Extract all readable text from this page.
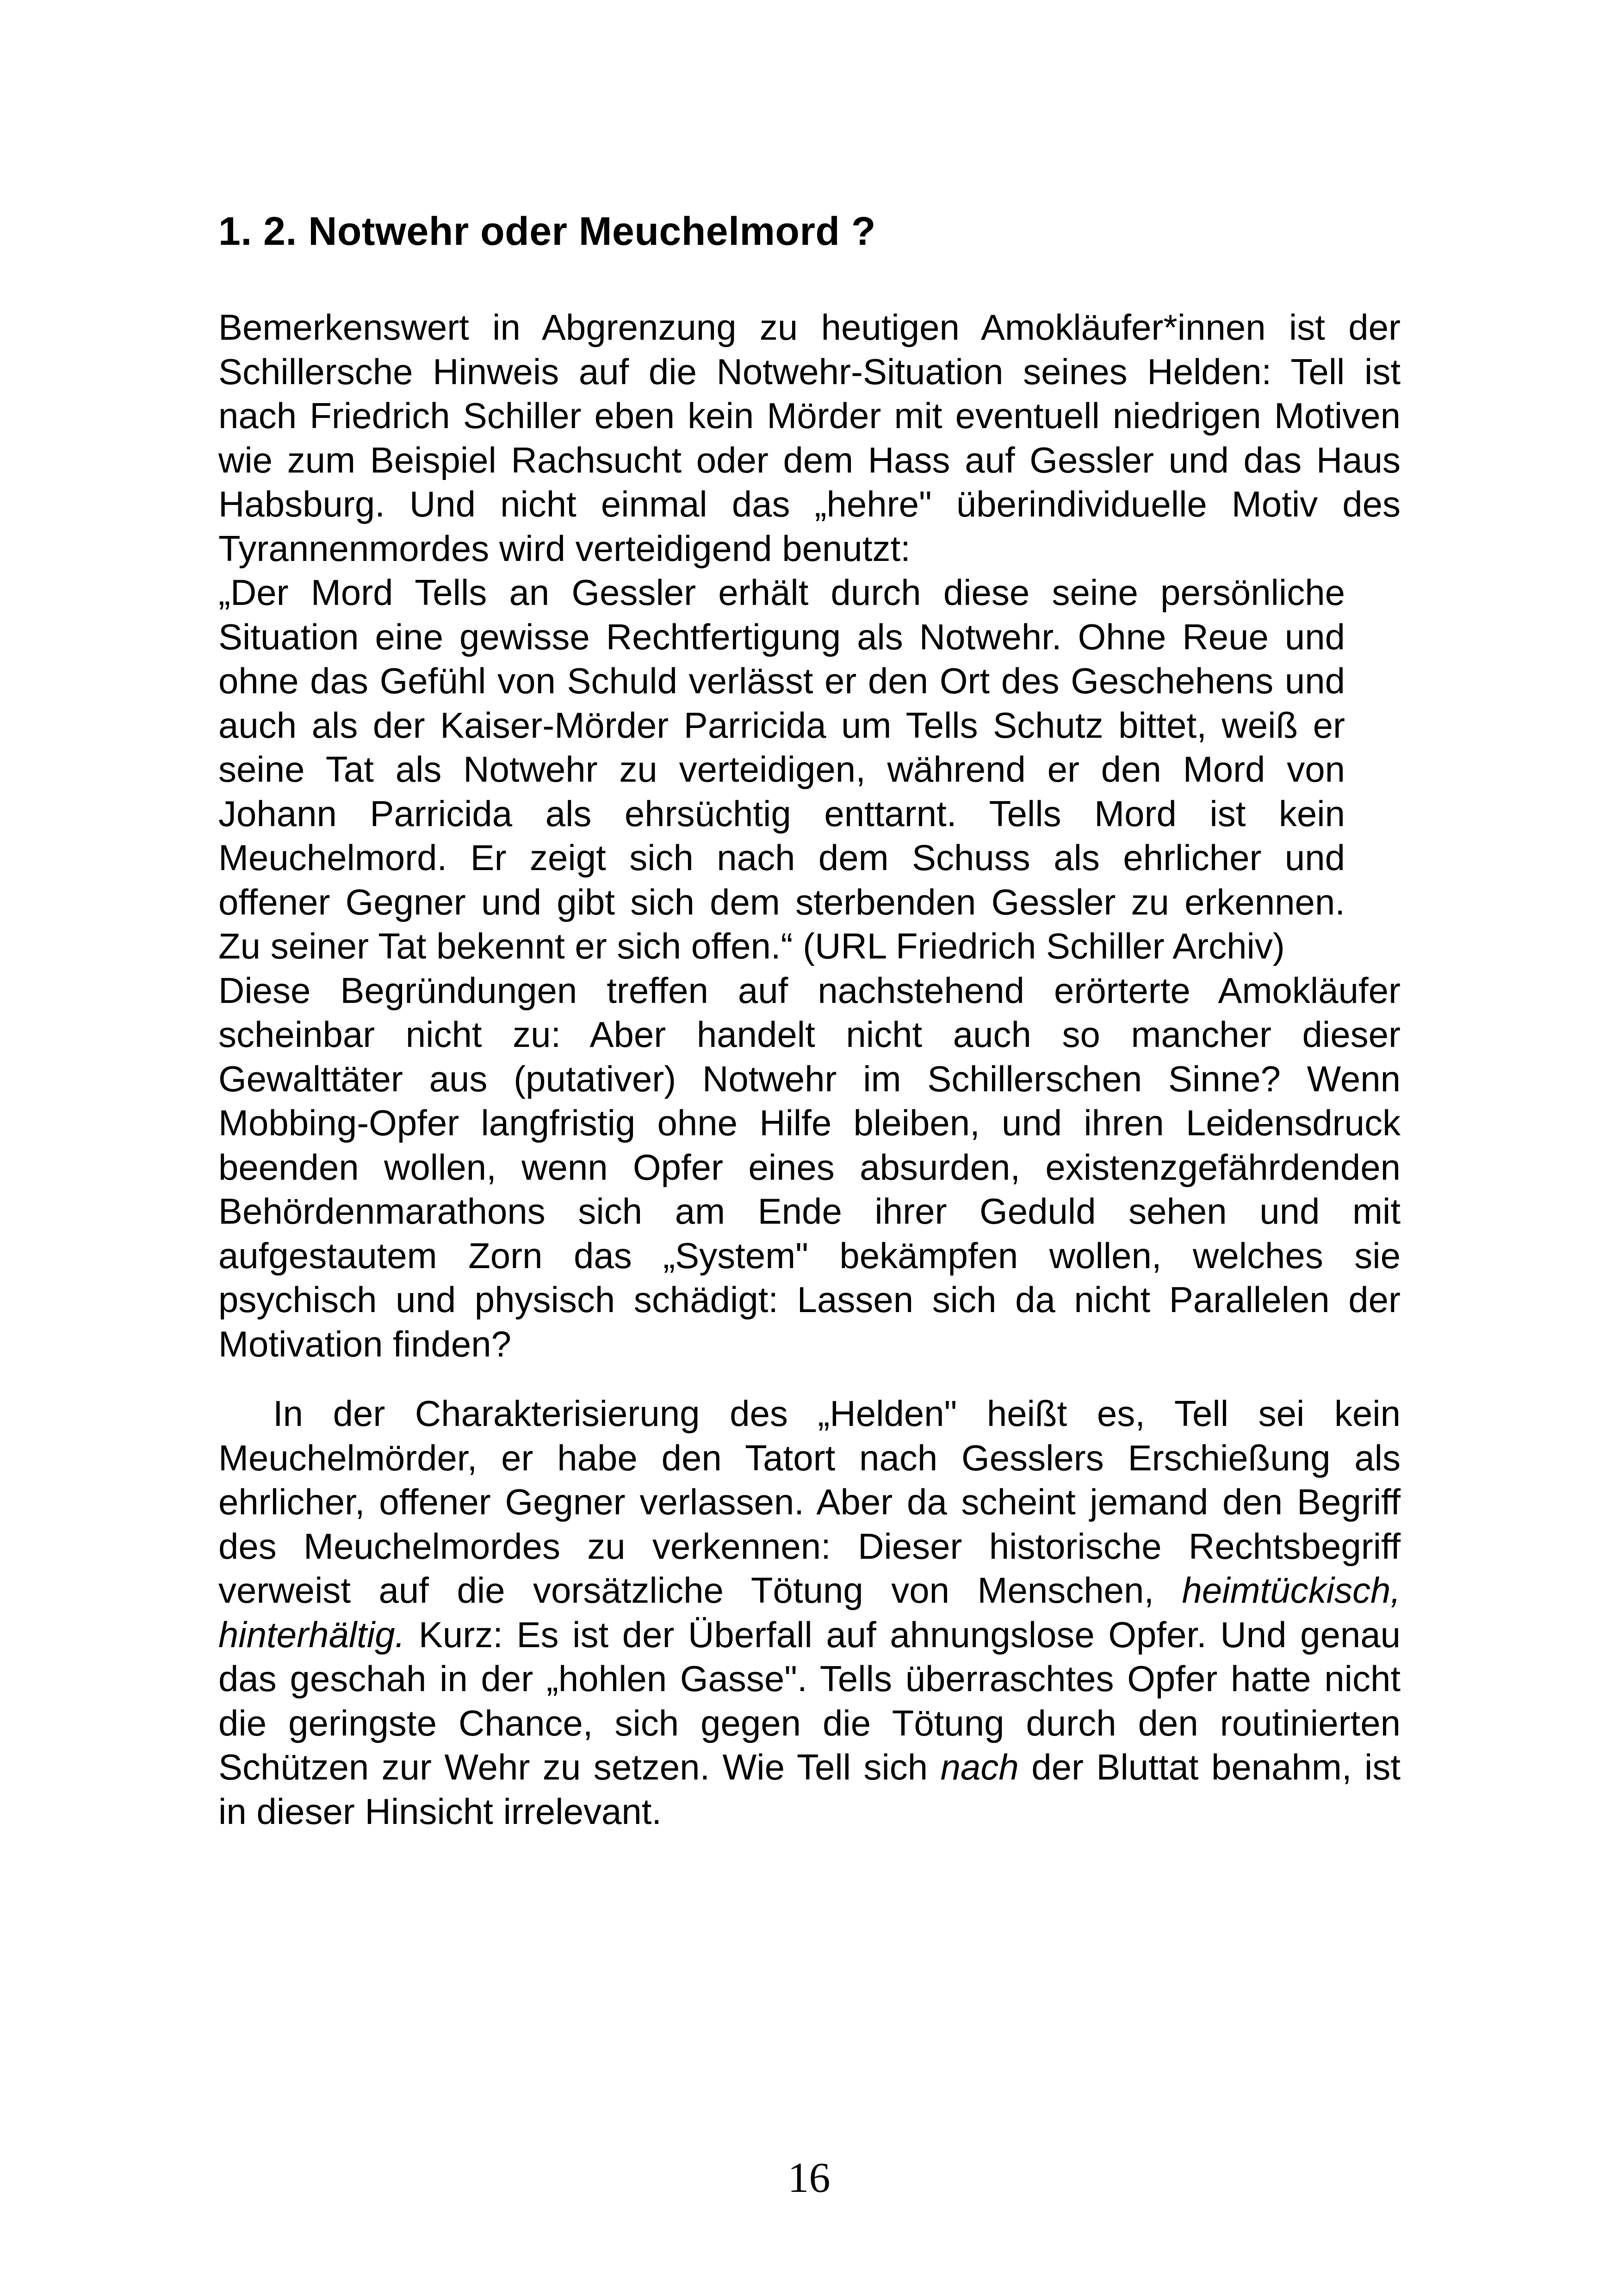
1. 2. Notwehr oder Meuchelmord ?

Bemerkenswert in Abgrenzung zu heutigen Amokläufer*innen ist der Schillersche Hinweis auf die Notwehr-Situation seines Helden: Tell ist nach Friedrich Schiller eben kein Mörder mit eventuell niedrigen Motiven wie zum Beispiel Rachsucht oder dem Hass auf Gessler und das Haus Habsburg. Und nicht einmal das „hehre" überindividuelle Motiv des Tyrannenmordes wird verteidigend benutzt:

„Der Mord Tells an Gessler erhält durch diese seine persönliche Situation eine gewisse Rechtfertigung als Notwehr. Ohne Reue und ohne das Gefühl von Schuld verlässt er den Ort des Geschehens und auch als der Kaiser-Mörder Parricida um Tells Schutz bittet, weiß er seine Tat als Notwehr zu verteidigen, während er den Mord von Johann Parricida als ehrsüchtig enttarnt. Tells Mord ist kein Meuchelmord. Er zeigt sich nach dem Schuss als ehrlicher und offener Gegner und gibt sich dem sterbenden Gessler zu erkennen. Zu seiner Tat bekennt er sich offen.“ (URL Friedrich Schiller Archiv)

Diese Begründungen treffen auf nachstehend erörterte Amokläufer scheinbar nicht zu: Aber handelt nicht auch so mancher dieser Gewalttäter aus (putativer) Notwehr im Schillerschen Sinne? Wenn Mobbing-Opfer langfristig ohne Hilfe bleiben, und ihren Leidensdruck beenden wollen, wenn Opfer eines absurden, existenzgefährdenden Behördenmarathons sich am Ende ihrer Geduld sehen und mit aufgestautem Zorn das „System" bekämpfen wollen, welches sie psychisch und physisch schädigt: Lassen sich da nicht Parallelen der Motivation finden?

In der Charakterisierung des „Helden" heißt es, Tell sei kein Meuchelmörder, er habe den Tatort nach Gesslers Erschießung als ehrlicher, offener Gegner verlassen. Aber da scheint jemand den Begriff des Meuchelmordes zu verkennen: Dieser historische Rechtsbegriff verweist auf die vorsätzliche Tötung von Menschen, heimtückisch, hinterhältig. Kurz: Es ist der Überfall auf ahnungslose Opfer. Und genau das geschah in der „hohlen Gasse". Tells überraschtes Opfer hatte nicht die geringste Chance, sich gegen die Tötung durch den routinierten Schützen zur Wehr zu setzen. Wie Tell sich nach der Bluttat benahm, ist in dieser Hinsicht irrelevant.

16
